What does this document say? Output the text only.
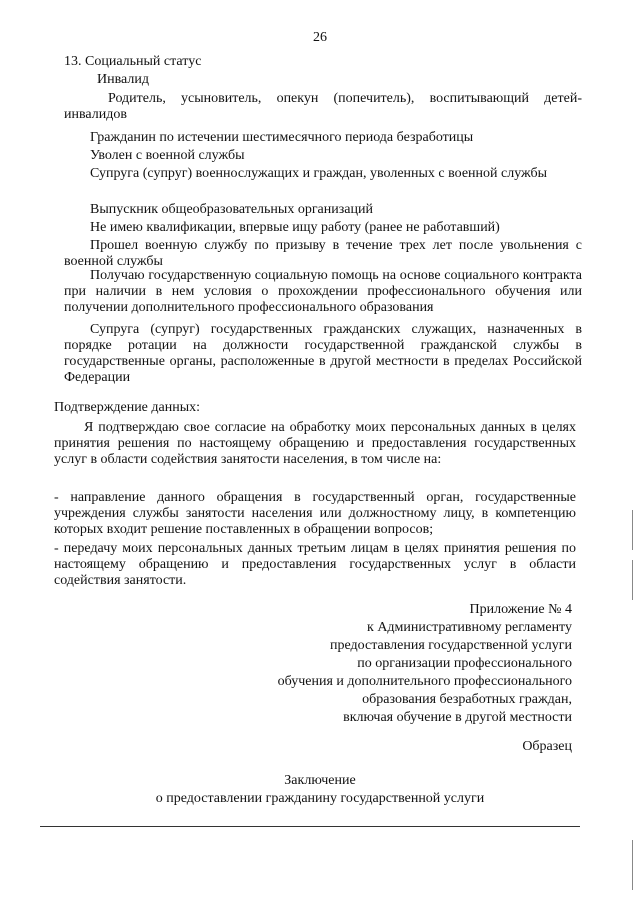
26
13. Социальный статус
Инвалид
Родитель, усыновитель, опекун (попечитель), воспитывающий детей-инвалидов
Гражданин по истечении шестимесячного периода безработицы
Уволен с военной службы
Супруга (супруг) военнослужащих и граждан, уволенных с военной службы
Выпускник общеобразовательных организаций
Не имею квалификации, впервые ищу работу (ранее не работавший)
Прошел военную службу по призыву в течение трех лет после увольнения с военной службы
Получаю государственную социальную помощь на основе социального контракта при наличии в нем условия о прохождении профессионального обучения или получении дополнительного профессионального образования
Супруга (супруг) государственных гражданских служащих, назначенных в порядке ротации на должности государственной гражданской службы в государственные органы, расположенные в другой местности в пределах Российской Федерации
Подтверждение данных:
Я подтверждаю свое согласие на обработку моих персональных данных в целях принятия решения по настоящему обращению и предоставления государственных услуг в области содействия занятости населения, в том числе на:
- направление данного обращения в государственный орган, государственные учреждения службы занятости населения или должностному лицу, в компетенцию которых входит решение поставленных в обращении вопросов;
- передачу моих персональных данных третьим лицам в целях принятия решения по настоящему обращению и предоставления государственных услуг в области содействия занятости.
Приложение № 4
к Административному регламенту
предоставления государственной услуги
по организации профессионального
обучения и дополнительного профессионального
образования безработных граждан,
включая обучение в другой местности
Образец
Заключение
о предоставлении гражданину государственной услуги
